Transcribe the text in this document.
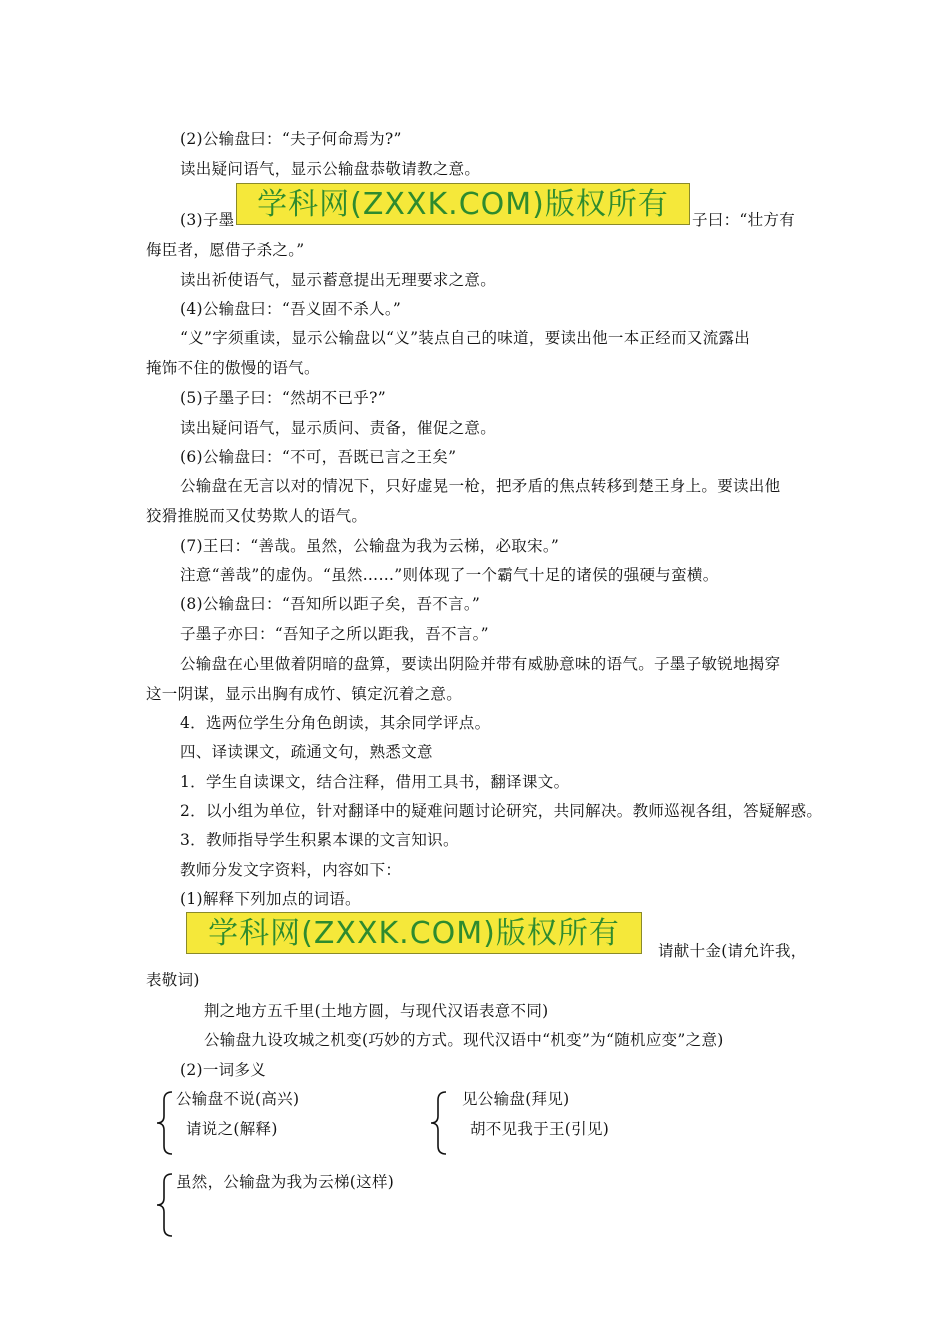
(2)公输盘曰：“夫子何命焉为?”
读出疑问语气，显示公输盘恭敬请教之意。
(3)子墨 学科网(ZXXK.COM)版权所有	子曰：“壮方有
侮臣者，愿借子杀之。”
读出祈使语气，显示蓄意提出无理要求之意。
(4)公输盘曰：“吾义固不杀人。”
“义”字须重读，显示公输盘以“义”装点自己的味道，要读出他一本正经而又流露出
掩饰不住的傲慢的语气。
(5)子墨子曰：“然胡不已乎?”
读出疑问语气，显示质问、责备，催促之意。
(6)公输盘曰：“不可，吾既已言之王矣”
公输盘在无言以对的情况下，只好虚晃一枪，把矛盾的焦点转移到楚王身上。要读出他
狡猾推脱而又仗势欺人的语气。
(7)王曰：“善哉。虽然，公输盘为我为云梯，必取宋。”
注意“善哉”的虚伪。“虽然……”则体现了一个霸气十足的诸侯的强硬与蛮横。
(8)公输盘曰：“吾知所以距子矣，吾不言。”
子墨子亦曰：“吾知子之所以距我，吾不言。”
公输盘在心里做着阴暗的盘算，要读出阴险并带有威胁意味的语气。子墨子敏锐地揭穿
这一阴谋，显示出胸有成竹、镇定沉着之意。
4．选两位学生分角色朗读，其余同学评点。
四、译读课文，疏通文句，熟悉文意
1．学生自读课文，结合注释，借用工具书，翻译课文。
2．以小组为单位，针对翻译中的疑难问题讨论研究，共同解决。教师巡视各组，答疑解惑。
3．教师指导学生积累本课的文言知识。
教师分发文字资料，内容如下：
(1)解释下列加点的词语。
学科网(ZXXK.COM)版权所有	请献十金(请允许我，
表敬词)
荆之地方五千里(土地方圆，与现代汉语表意不同)
公输盘九设攻城之机变(巧妙的方式。现代汉语中“机变”为“随机应变”之意)
(2)一词多义
公输盘不说(高兴)
请说之(解释)
见公输盘(拜见)
胡不见我于王(引见)
虽然，公输盘为我为云梯(这样)
